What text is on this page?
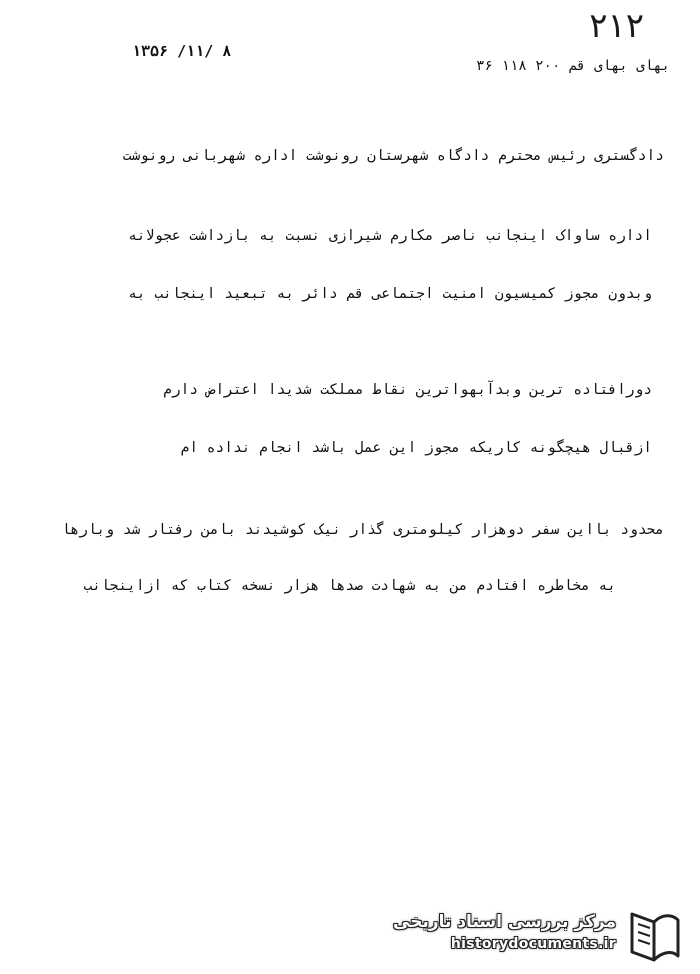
۲۱۲
۱۳۵۶ /۱۱/ ۸
بهای بهای قم ۲۰۰ ۱۱۸ ۳۶
دادگستری رئیس محترم دادگاه شهرستان رونوشت اداره شهربانی رونوشت
اداره ساواک اینجانب ناصر مکارم شیرازی نسبت به بازداشت عجولانه
وبدون مجوز کمیسیون امنیت اجتماعی قم دائر به تبعید اینجانب به
دورافتاده ترین وبدآبهواترین نقاط مملکت شدیدا اعتراض دارم
ازقبال هیچگونه کاریکه مجوز این عمل باشد انجام نداده ام
محدود بااین سفر دوهزار کیلومتری گذار نیک کوشیدند بامن رفتار شد وبارها
به مخاطره افتادم من به شهادت صدها هزار نسخه کتاب که ازاینجانب
مرکز بررسی اسناد تاریخی
historydocuments.ir
